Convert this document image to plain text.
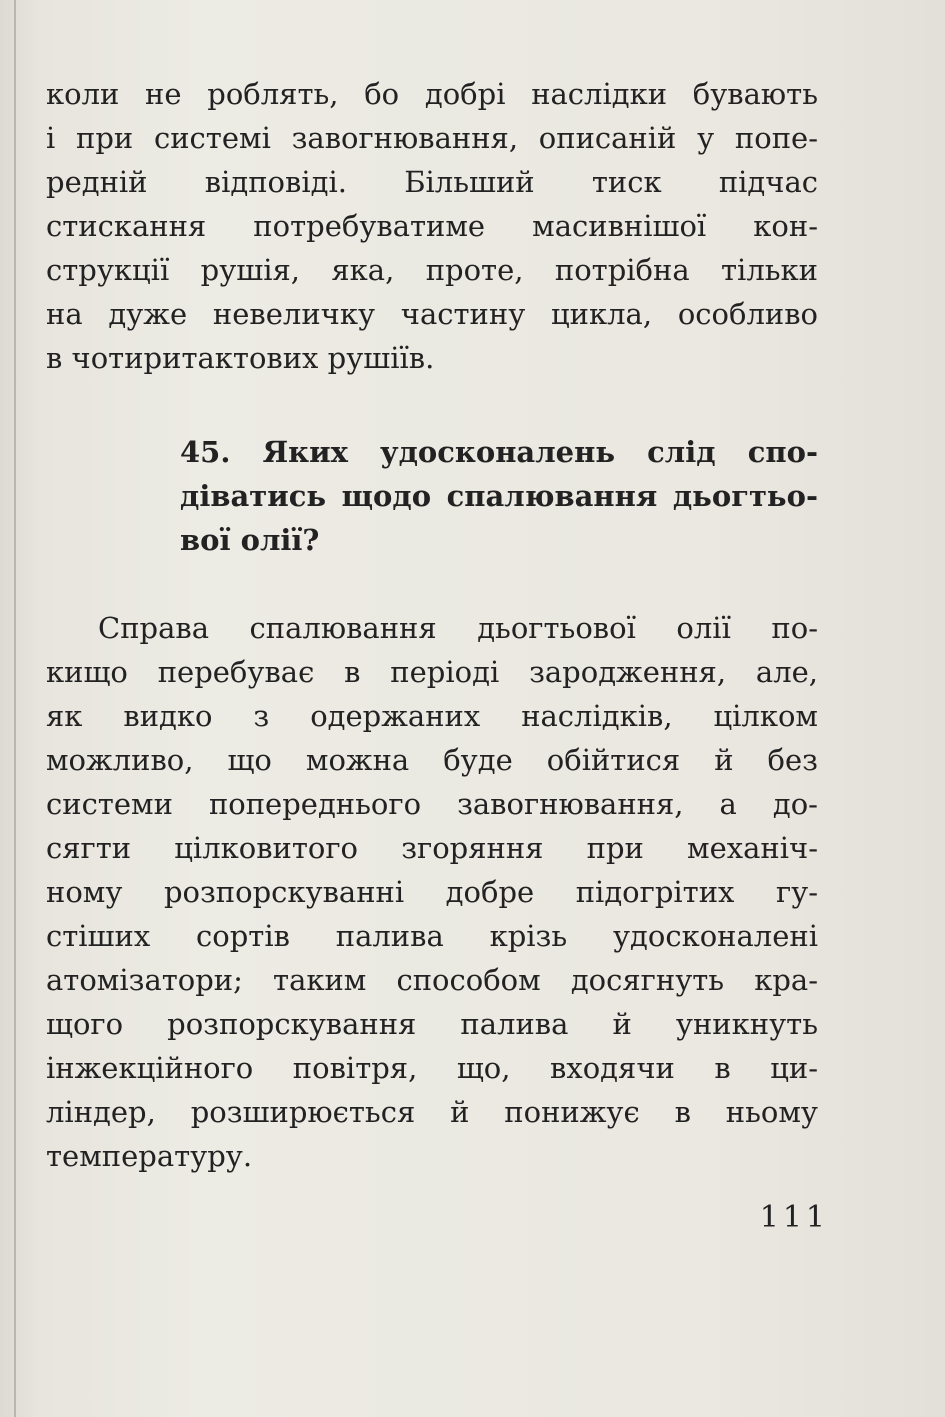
коли не роблять, бо добрі наслідки бувають
і при системі завогнювання, описаній у попе-
редній відповіді. Більший тиск підчас
стискання потребуватиме масивнішої кон-
струкції рушія, яка, проте, потрібна тільки
на дуже невеличку частину цикла, особливо
в чотиритактових рушіїв.
45. Яких удосконалень слід спо-
діватись щодо спалювання дьогтьо-
вої олії?
Справа спалювання дьогтьової олії по-
кищо перебуває в періоді зародження, але,
як видко з одержаних наслідків, цілком
можливо, що можна буде обійтися й без
системи попереднього завогнювання, а до-
сягти цілковитого згоряння при механіч-
ному розпорскуванні добре підогрітих гу-
стіших сортів палива крізь удосконалені
атомізатори; таким способом досягнуть кра-
щого розпорскування палива й уникнуть
інжекційного повітря, що, входячи в ци-
ліндер, розширюється й понижує в ньому
температуру.
111
